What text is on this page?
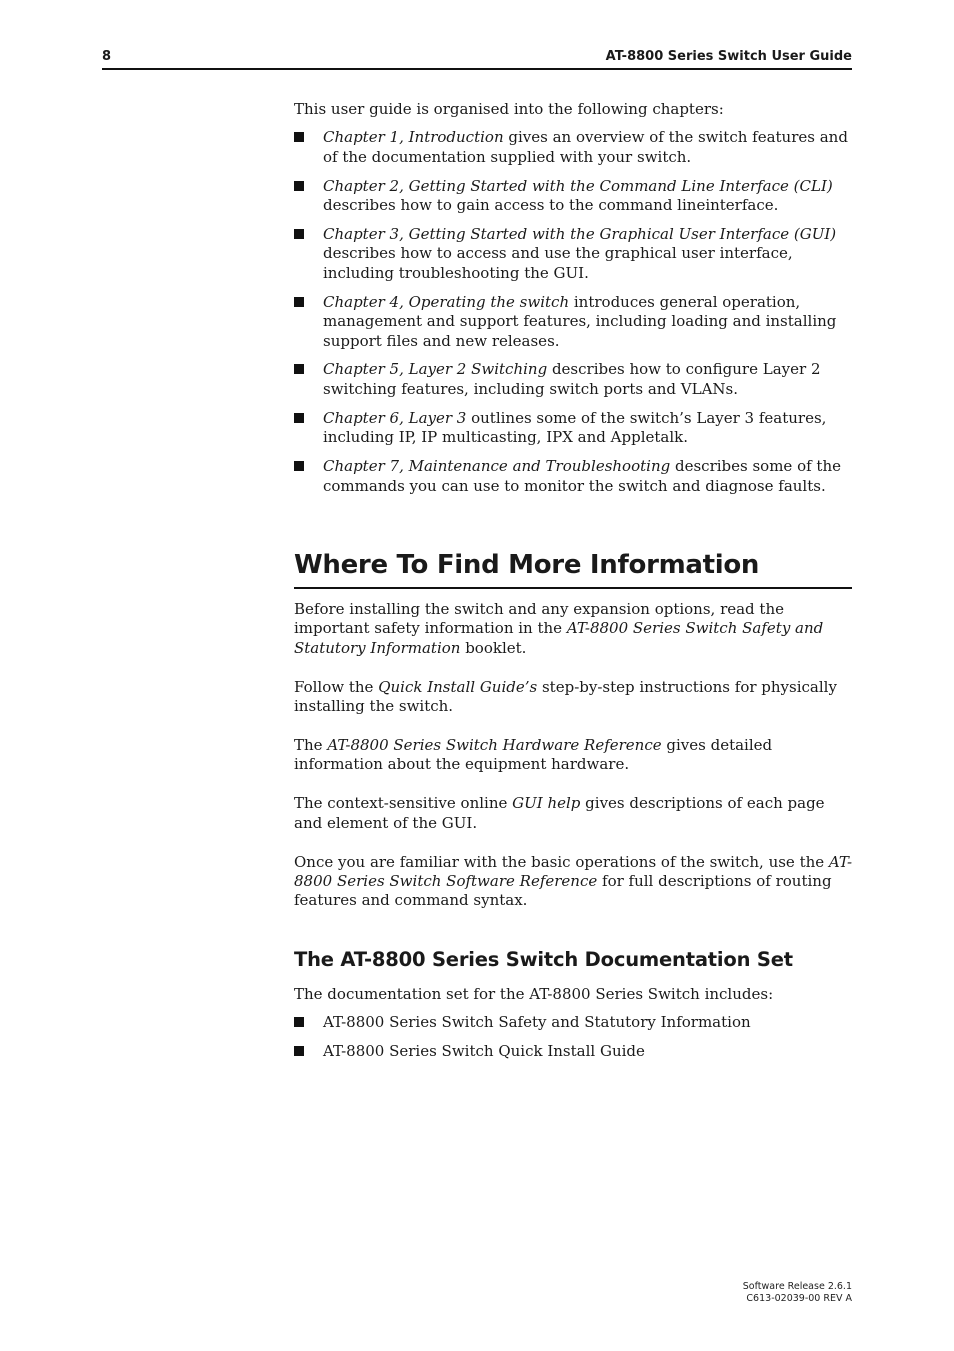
8	AT-8800 Series Switch User Guide

This user guide is organised into the following chapters:

Chapter 1, Introduction gives an overview of the switch features and of the documentation supplied with your switch.
Chapter 2, Getting Started with the Command Line Interface (CLI) describes how to gain access to the command lineinterface.
Chapter 3, Getting Started with the Graphical User Interface (GUI) describes how to access and use the graphical user interface, including troubleshooting the GUI.
Chapter 4, Operating the switch introduces general operation, management and support features, including loading and installing support files and new releases.
Chapter 5, Layer 2 Switching describes how to configure Layer 2 switching features, including switch ports and VLANs.
Chapter 6, Layer 3 outlines some of the switch’s Layer 3 features, including IP, IP multicasting, IPX and Appletalk.
Chapter 7, Maintenance and Troubleshooting describes some of the commands you can use to monitor the switch and diagnose faults.
Where To Find More Information

Before installing the switch and any expansion options, read the important safety information in the AT-8800 Series Switch Safety and Statutory Information booklet.

Follow the Quick Install Guide’s step-by-step instructions for physically installing the switch.

The AT-8800 Series Switch Hardware Reference gives detailed information about the equipment hardware.

The context-sensitive online GUI help gives descriptions of each page and element of the GUI.

Once you are familiar with the basic operations of the switch, use the AT-8800 Series Switch Software Reference for full descriptions of routing features and command syntax.

The AT-8800 Series Switch Documentation Set

The documentation set for the AT-8800 Series Switch includes:

AT-8800 Series Switch Safety and Statutory Information
AT-8800 Series Switch Quick Install Guide
Software Release 2.6.1
C613-02039-00 REV A
